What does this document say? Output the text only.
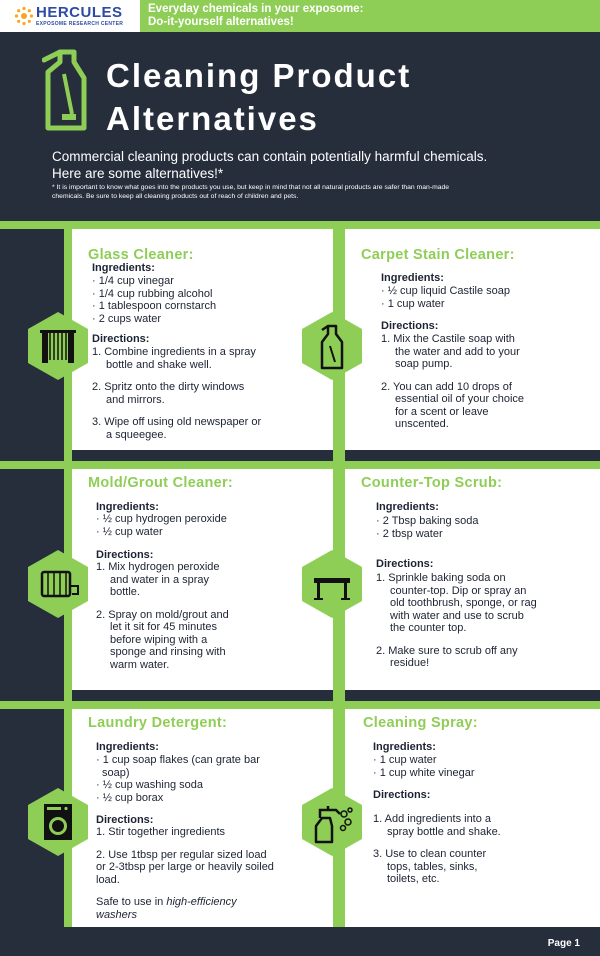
HERCULES
EXPOSOME RESEARCH CENTER
Everyday chemicals in your exposome:
Do-it-yourself alternatives!
Cleaning Product
Alternatives
Commercial cleaning products can contain potentially harmful chemicals.
Here are some alternatives!*
* It is important to know what goes into the products you use, but keep in mind that not all natural products are safer than man-made
chemicals. Be sure to keep all cleaning products out of reach of children and pets.
Glass Cleaner:
Ingredients:
· 1/4 cup vinegar
· 1/4 cup rubbing alcohol
· 1 tablespoon cornstarch
· 2 cups water
Directions:
1. Combine ingredients in a spray
bottle and shake well.
2. Spritz onto the dirty windows
and mirrors.
3. Wipe off using old newspaper or
a squeegee.
Carpet Stain Cleaner:
Ingredients:
· ½ cup liquid Castile soap
· 1 cup water
Directions:
1. Mix the Castile soap with
the water and add to your
soap pump.
2. You can add 10 drops of
essential oil of your choice
for a scent or leave
unscented.
Mold/Grout Cleaner:
Ingredients:
· ½ cup hydrogen peroxide
· ½ cup water
Directions:
1. Mix hydrogen peroxide
and water in a spray
bottle.
2. Spray on mold/grout and
let it sit for 45 minutes
before wiping with a
sponge and rinsing with
warm water.
Counter-Top Scrub:
Ingredients:
· 2 Tbsp baking soda
· 2 tbsp water
Directions:
1. Sprinkle baking soda on
counter-top. Dip or spray an
old toothbrush, sponge, or rag
with water and use to scrub
the counter top.
2. Make sure to scrub off any
residue!
Laundry Detergent:
Ingredients:
· 1 cup soap flakes (can grate bar
soap)
· ½ cup washing soda
· ½ cup borax
Directions:
1. Stir together ingredients
2. Use 1tbsp per regular sized load
or 2-3tbsp per large or heavily soiled
load.
Safe to use in high-efficiency
washers
Cleaning Spray:
Ingredients:
· 1 cup water
· 1 cup white vinegar
Directions:
1. Add ingredients into a
spray bottle and shake.
3. Use to clean counter
tops, tables, sinks,
toilets, etc.
Page 1
